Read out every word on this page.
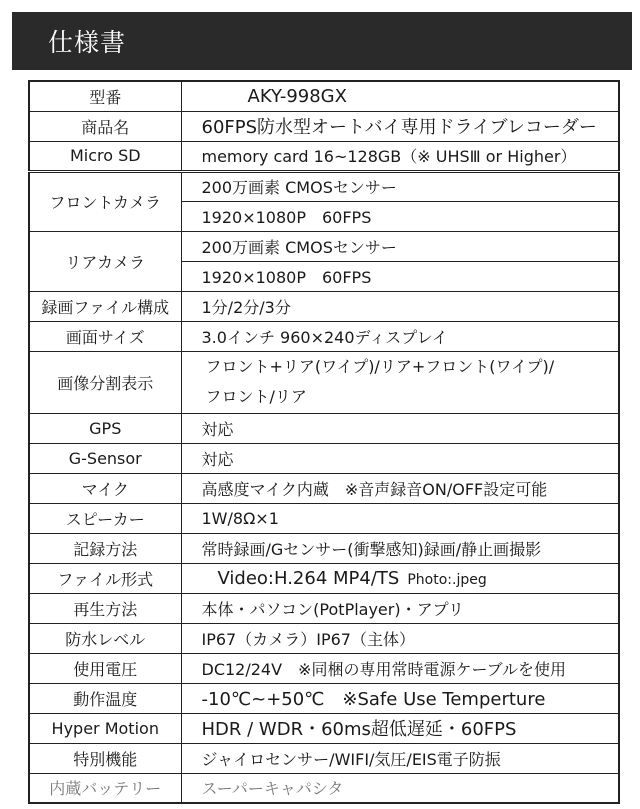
仕様書
型番	AKY-998GX
商品名	60FPS防水型オートバイ専用ドライブレコーダー
Micro SD	memory card 16~128GB（※ UHSⅢ or Higher）
フロントカメラ	200万画素 CMOSセンサー
	1920×1080P　60FPS
リアカメラ	200万画素 CMOSセンサー
	1920×1080P　60FPS
録画ファイル構成	1分/2分/3分
画面サイズ	3.0インチ 960×240ディスプレイ
画像分割表示	フロント+リア(ワイプ)/リア+フロント(ワイプ)/
フロント/リア

GPS	対応
G-Sensor	対応
マイク	高感度マイク内蔵　※音声録音ON/OFF設定可能
スピーカー	1W/8Ω×1
記録方法	常時録画/Gセンサー(衝撃感知)録画/静止画撮影
ファイル形式	Video:H.264 MP4/TS Photo:.jpeg
再生方法	本体・パソコン(PotPlayer)・アプリ
防水レベル	IP67（カメラ）IP67（主体）
使用電圧	DC12/24V　※同梱の専用常時電源ケーブルを使用
動作温度	-10℃~+50℃　※Safe Use Temperture
Hyper Motion	HDR / WDR・60ms超低遅延・60FPS
特別機能	ジャイロセンサー/WIFI/気圧/EIS電子防振
内蔵バッテリー	スーパーキャパシタ
